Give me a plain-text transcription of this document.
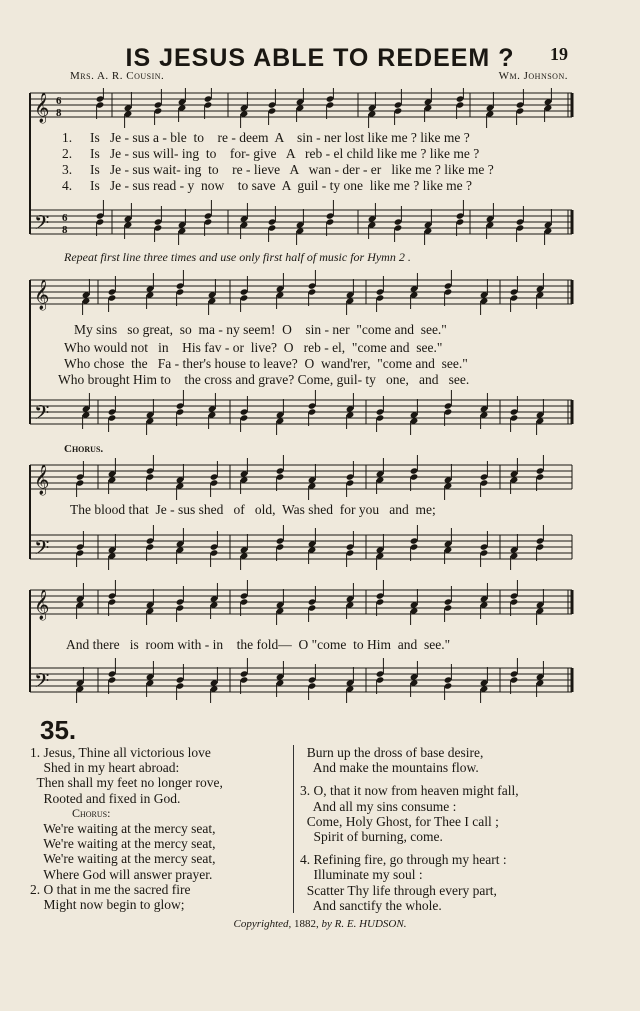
IS JESUS ABLE TO REDEEM ?	19
Mrs. A. R. Cousin.	Wm. Johnson.
𝄞 6
8
𝄢 6
8
1. Is   Je - sus a - ble  to    re - deem  A    sin - ner lost like me ? like me ?
2. Is   Je - sus will- ing  to    for- give   A   reb - el child like me ? like me ?
3. Is   Je - sus wait- ing  to    re - lieve   A   wan - der - er   like me ? like me ?
4. Is   Je - sus read - y  now    to save  A  guil - ty one  like me ? like me ?
Repeat first line three times and use only first half of music for Hymn 2 .
𝄞
𝄢
My sins   so great,  so  ma - ny seem!  O    sin - ner  "come and  see."
Who would not   in    His fav - or  live?  O   reb - el,  "come and  see."
Who chose  the   Fa - ther's house to leave?  O  wand'rer,  "come and  see."
Who brought Him to    the cross and grave? Come, guil- ty   one,   and   see.
Chorus.
𝄞
𝄢
The blood that  Je - sus shed   of   old,  Was shed  for you   and  me;
𝄞
𝄢
And there   is  room with - in    the fold—  O "come  to Him  and  see."
35.
1. Jesus, Thine all victorious love
Shed in my heart abroad:
Then shall my feet no longer rove,
Rooted and fixed in God.
Chorus:
We're waiting at the mercy seat,
We're waiting at the mercy seat,
We're waiting at the mercy seat,
Where God will answer prayer.
2. O that in me the sacred fire
Might now begin to glow;
Burn up the dross of base desire,
And make the mountains flow.
3. O, that it now from heaven might fall,
And all my sins consume :
Come, Holy Ghost, for Thee I call ;
Spirit of burning, come.
4. Refining fire, go through my heart :
Illuminate my soul :
Scatter Thy life through every part,
And sanctify the whole.
Copyrighted, 1882, by R. E. HUDSON.
